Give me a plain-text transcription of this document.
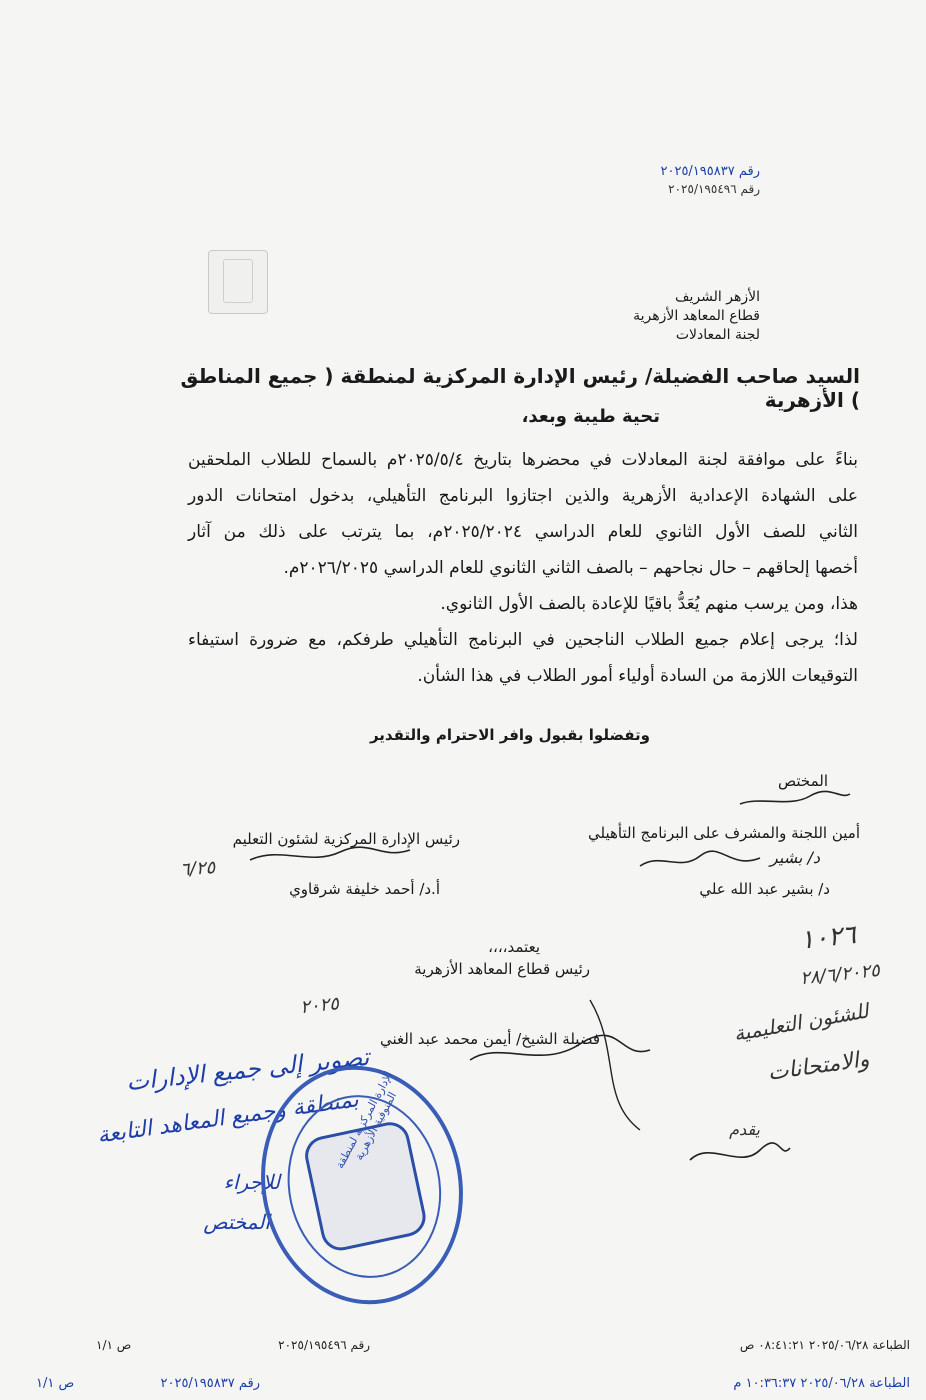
رقم ٢٠٢٥/١٩٥٨٣٧
رقم ٢٠٢٥/١٩٥٤٩٦
الأزهر الشريف
قطاع المعاهد الأزهرية
لجنة المعادلات
السيد صاحب الفضيلة/ رئيس الإدارة المركزية لمنطقة ( جميع المناطق ) الأزهرية
تحية طيبة وبعد،
بناءً على موافقة لجنة المعادلات في محضرها بتاريخ ٢٠٢٥/٥/٤م بالسماح للطلاب الملحقين
على الشهادة الإعدادية الأزهرية والذين اجتازوا البرنامج التأهيلي، بدخول امتحانات الدور
الثاني للصف الأول الثانوي للعام الدراسي ٢٠٢٥/٢٠٢٤م، بما يترتب على ذلك من آثار
أخصها إلحاقهم – حال نجاحهم – بالصف الثاني الثانوي للعام الدراسي ٢٠٢٦/٢٠٢٥م.
هذا، ومن يرسب منهم يُعَدُّ باقيًا للإعادة بالصف الأول الثانوي.
لذا؛ يرجى إعلام جميع الطلاب الناجحين في البرنامج التأهيلي طرفكم، مع ضرورة استيفاء
التوقيعات اللازمة من السادة أولياء أمور الطلاب في هذا الشأن.
وتفضلوا بقبول وافر الاحترام والتقدير
المختص
أمين اللجنة والمشرف على البرنامج التأهيلي
د/ بشير
د/ بشير عبد الله علي
رئيس الإدارة المركزية لشئون التعليم
أ.د/ أحمد خليفة شرقاوي
يعتمد،،،،
رئيس قطاع المعاهد الأزهرية
فضيلة الشيخ/ أيمن محمد عبد الغني
تصوير إلى جميع الإدارات
بمنطقة وجميع المعاهد التابعة
للإجراء
المختص
١٠٢٦
٢٨/٦/٢٠٢٥
للشئون التعليمية
والامتحانات
يقدم
٢٠٢٥
٦/٢٥
الإدارة المركزية لمنطقة المنوفية الأزهرية
ص ١/١	رقم ٢٠٢٥/١٩٥٤٩٦	الطباعة ٢٠٢٥/٠٦/٢٨ ٠٨:٤١:٢١ ص
ص ١/١	رقم ٢٠٢٥/١٩٥٨٣٧	الطباعة ٢٠٢٥/٠٦/٢٨ ١٠:٣٦:٣٧ م
